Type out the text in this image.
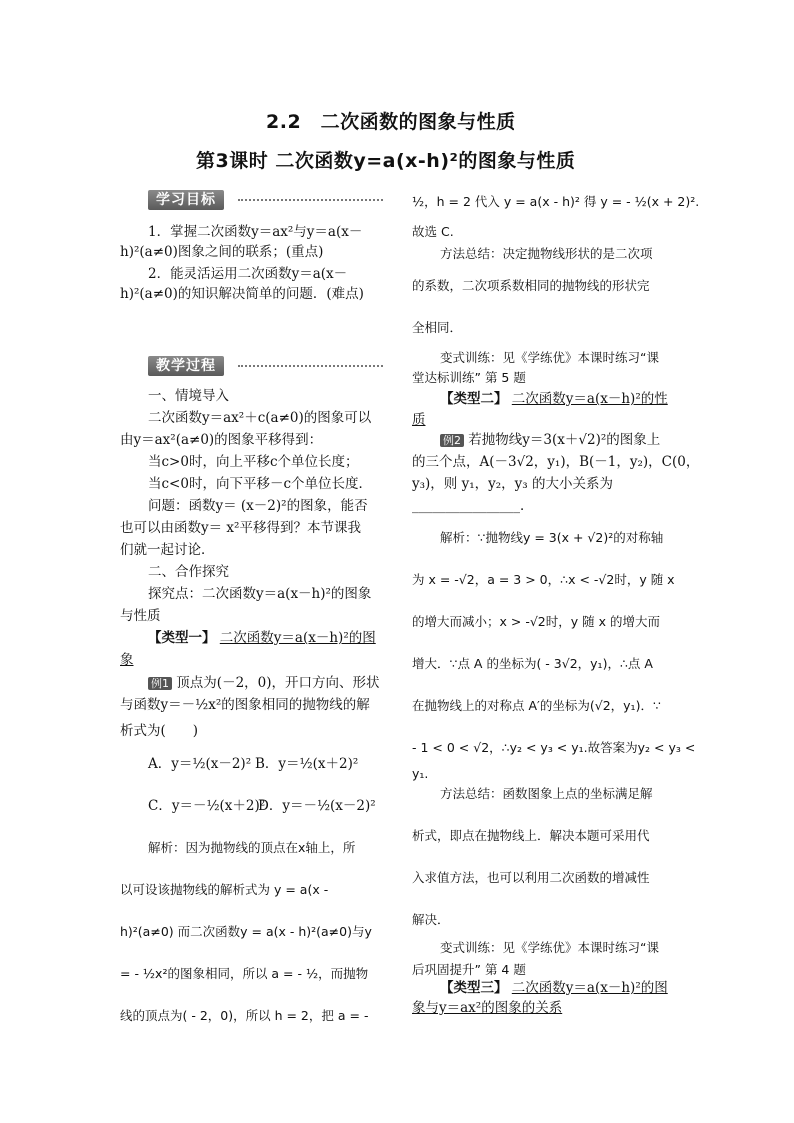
2.2　二次函数的图象与性质
第3课时 二次函数y=a(x-h)²的图象与性质
学习目标
教学过程
1．掌握二次函数y＝ax²与y＝a(x－
h)²(a≠0)图象之间的联系；(重点)
2．能灵活运用二次函数y＝a(x－
h)²(a≠0)的知识解决简单的问题．(难点)
一、情境导入
二次函数y＝ax²＋c(a≠0)的图象可以
由y＝ax²(a≠0)的图象平移得到：
当c>0时，向上平移c个单位长度；
当c<0时，向下平移－c个单位长度．
问题：函数y＝ (x－2)²的图象，能否
也可以由函数y＝ x²平移得到？本节课我
们就一起讨论．
二、合作探究
探究点：二次函数y＝a(x－h)²的图象
与性质
【类型一】 二次函数y＝a(x－h)²的图
象
例1 顶点为(－2，0)，开口方向、形状
与函数y＝－½x²的图象相同的抛物线的解
析式为(　　)
A．y＝½(x－2)² B．y＝½(x＋2)²
C．y＝－½(x＋2)²
D．y＝－½(x－2)²
解析：因为抛物线的顶点在x轴上，所
以可设该抛物线的解析式为 y = a(x -
h)²(a≠0) 而二次函数y = a(x - h)²(a≠0)与y
= - ½x²的图象相同，所以 a = - ½，而抛物
线的顶点为( - 2，0)，所以 h = 2，把 a = -
½，h = 2 代入 y = a(x - h)² 得 y = - ½(x + 2)².
故选 C.
方法总结：决定抛物线形状的是二次项
的系数，二次项系数相同的抛物线的形状完
全相同．
变式训练：见《学练优》本课时练习“课
堂达标训练” 第 5 题
【类型二】 二次函数y＝a(x－h)²的性
质
例2 若抛物线y＝3(x＋√2)²的图象上
的三个点，A(－3√2，y₁)，B(－1，y₂)，C(0，
y₃)，则 y₁，y₂，y₃ 的大小关系为
________________．
解析：∵抛物线y = 3(x + √2)²的对称轴
为 x = -√2，a = 3 > 0，∴x < -√2时，y 随 x
的增大而减小；x > -√2时，y 随 x 的增大而
增大．∵点 A 的坐标为( - 3√2，y₁)，∴点 A
在抛物线上的对称点 A′的坐标为(√2，y₁)．∵
- 1 < 0 < √2，∴y₂ < y₃ < y₁.故答案为y₂ < y₃ <
y₁.
方法总结：函数图象上点的坐标满足解
析式，即点在抛物线上．解决本题可采用代
入求值方法，也可以利用二次函数的增减性
解决．
变式训练：见《学练优》本课时练习“课
后巩固提升” 第 4 题
【类型三】 二次函数y＝a(x－h)²的图
象与y＝ax²的图象的关系
